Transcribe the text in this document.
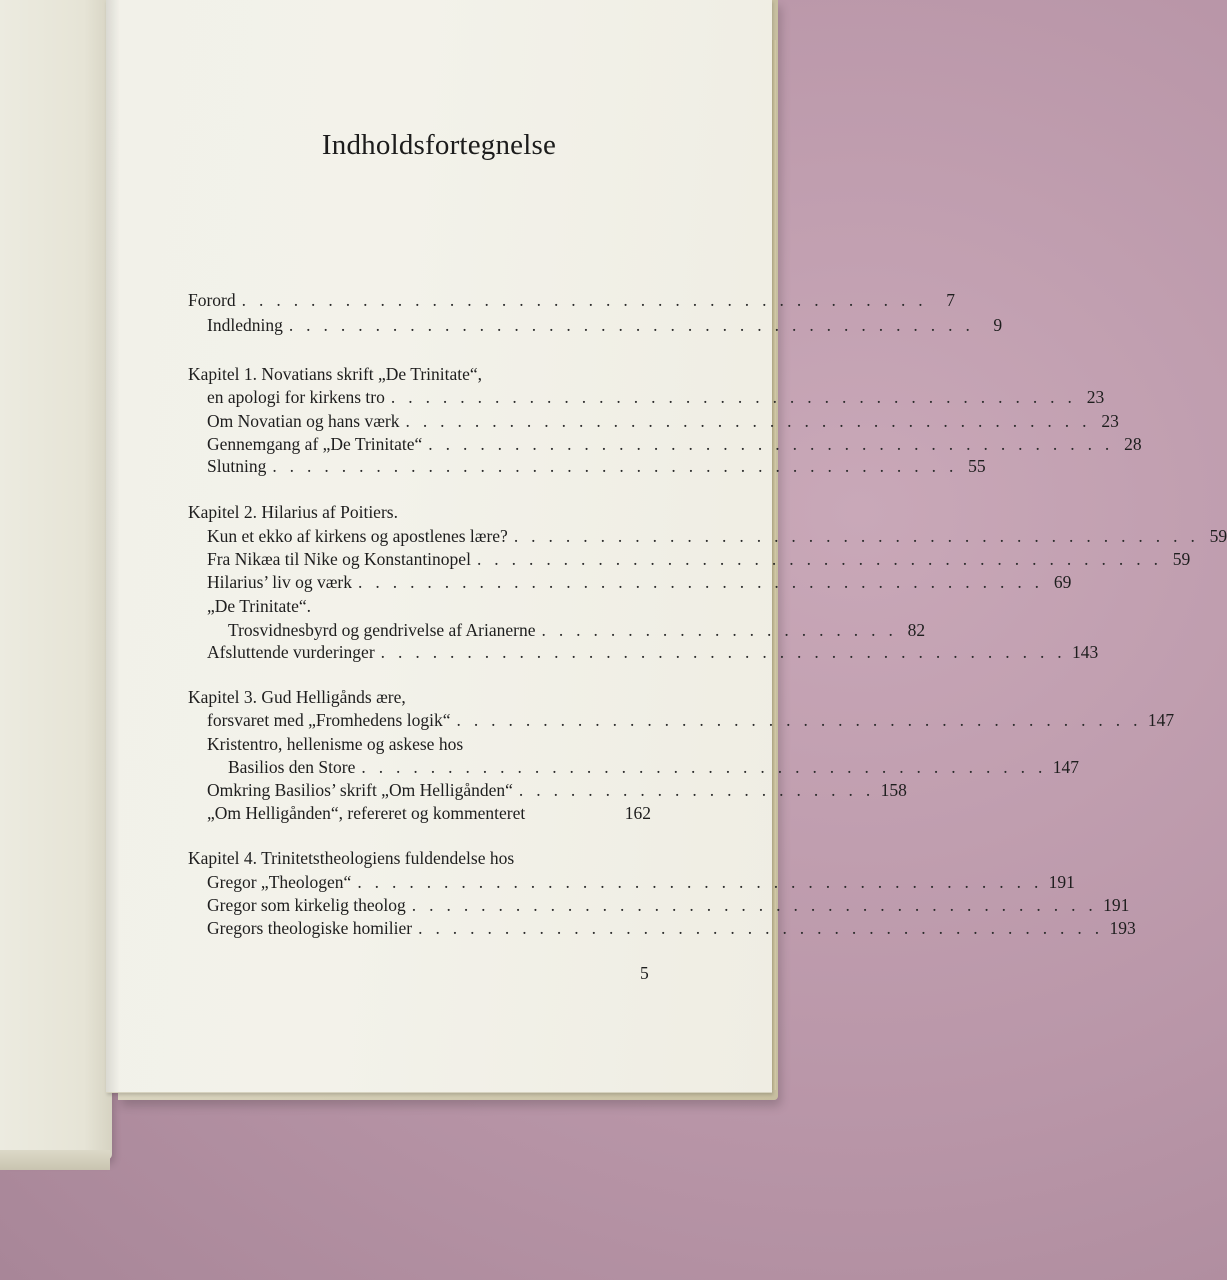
Indholdsfortegnelse
Forord . . . . . . . . . . . . . . . . . . . . . . . . . . . . . . . . . . . . . . . .	7
Indledning . . . . . . . . . . . . . . . . . . . . . . . . . . . . . . . . . . . . . . . .	9
Kapitel 1. Novatians skrift „De Trinitate“,
en apologi for kirkens tro . . . . . . . . . . . . . . . . . . . . . . . . . . . . . . . . . . . . . . . . 23
Om Novatian og hans værk . . . . . . . . . . . . . . . . . . . . . . . . . . . . . . . . . . . . . . . . 23
Gennemgang af „De Trinitate“ . . . . . . . . . . . . . . . . . . . . . . . . . . . . . . . . . . . . . . . . 28
Slutning . . . . . . . . . . . . . . . . . . . . . . . . . . . . . . . . . . . . . . . . 55
Kapitel 2. Hilarius af Poitiers.
Kun et ekko af kirkens og apostlenes lære? . . . . . . . . . . . . . . . . . . . . . . . . . . . . . . . . . . . . . . . . 59
Fra Nikæa til Nike og Konstantinopel . . . . . . . . . . . . . . . . . . . . . . . . . . . . . . . . . . . . . . . . 59
Hilarius’ liv og værk . . . . . . . . . . . . . . . . . . . . . . . . . . . . . . . . . . . . . . . . 69
„De Trinitate“.
Trosvidnesbyrd og gendrivelse af Arianerne . . . . . . . . . . . . . . . . . . . . . 82
Afsluttende vurderinger . . . . . . . . . . . . . . . . . . . . . . . . . . . . . . . . . . . . . . . . 143
Kapitel 3. Gud Helligånds ære,
forsvaret med „Fromhedens logik“ . . . . . . . . . . . . . . . . . . . . . . . . . . . . . . . . . . . . . . . . 147
Kristentro, hellenisme og askese hos
Basilios den Store . . . . . . . . . . . . . . . . . . . . . . . . . . . . . . . . . . . . . . . . 147
Omkring Basilios’ skrift „Om Helligånden“ . . . . . . . . . . . . . . . . . . . . . 158
„Om Helligånden“, refereret og kommenteret	162
Kapitel 4. Trinitetstheologiens fuldendelse hos
Gregor „Theologen“ . . . . . . . . . . . . . . . . . . . . . . . . . . . . . . . . . . . . . . . . 191
Gregor som kirkelig theolog . . . . . . . . . . . . . . . . . . . . . . . . . . . . . . . . . . . . . . . . 191
Gregors theologiske homilier . . . . . . . . . . . . . . . . . . . . . . . . . . . . . . . . . . . . . . . . 193
5
